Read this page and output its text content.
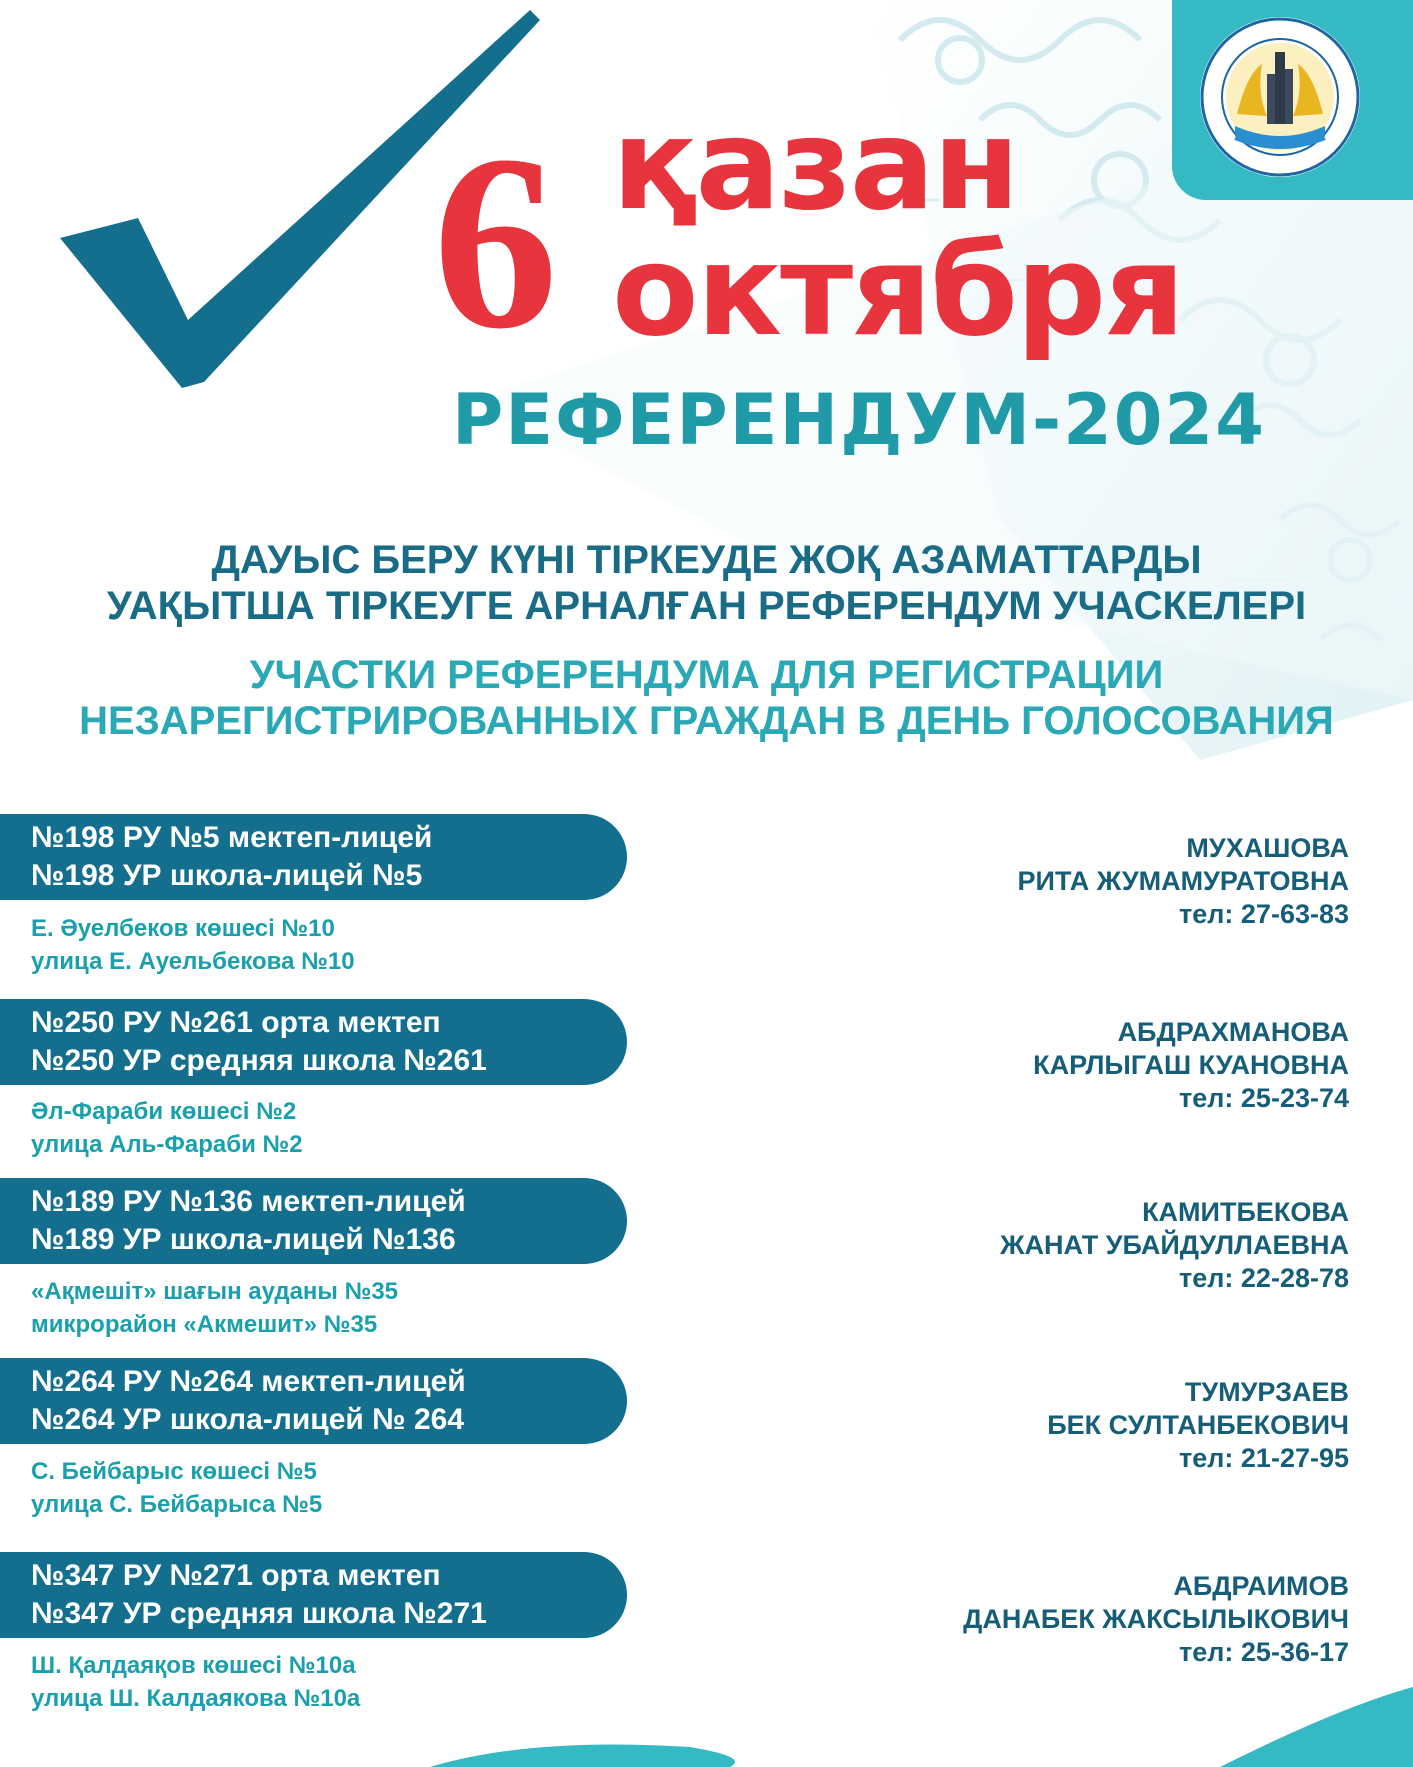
6 қазан
октября
РЕФЕРЕНДУМ-2024
ДАУЫС БЕРУ КҮНІ ТІРКЕУДЕ ЖОҚ АЗАМАТТАРДЫ
УАҚЫТША ТІРКЕУГЕ АРНАЛҒАН РЕФЕРЕНДУМ УЧАСКЕЛЕРІ
УЧАСТКИ РЕФЕРЕНДУМА ДЛЯ РЕГИСТРАЦИИ
НЕЗАРЕГИСТРИРОВАННЫХ ГРАЖДАН В ДЕНЬ ГОЛОСОВАНИЯ
№198 РУ №5 мектеп-лицей
№198 УР школа-лицей №5
Е. Әуелбеков көшесі №10
улица Е. Ауельбекова №10
МУХАШОВА
РИТА ЖУМАМУРАТОВНА
тел: 27-63-83
№250 РУ №261 орта мектеп
№250 УР средняя школа №261
Әл-Фараби көшесі №2
улица Аль-Фараби №2
АБДРАХМАНОВА
КАРЛЫГАШ КУАНОВНА
тел: 25-23-74
№189 РУ №136 мектеп-лицей
№189 УР школа-лицей №136
«Ақмешіт» шағын ауданы №35
микрорайон «Акмешит» №35
КАМИТБЕКОВА
ЖАНАТ УБАЙДУЛЛАЕВНА
тел: 22-28-78
№264 РУ №264 мектеп-лицей
№264 УР школа-лицей № 264
С. Бейбарыс көшесі №5
улица С. Бейбарыса №5
ТУМУРЗАЕВ
БЕК СУЛТАНБЕКОВИЧ
тел: 21-27-95
№347 РУ №271 орта мектеп
№347 УР средняя школа №271
Ш. Қалдаяқов көшесі №10а
улица Ш. Калдаякова №10а
АБДРАИМОВ
ДАНАБЕК ЖАКСЫЛЫКОВИЧ
тел: 25-36-17
